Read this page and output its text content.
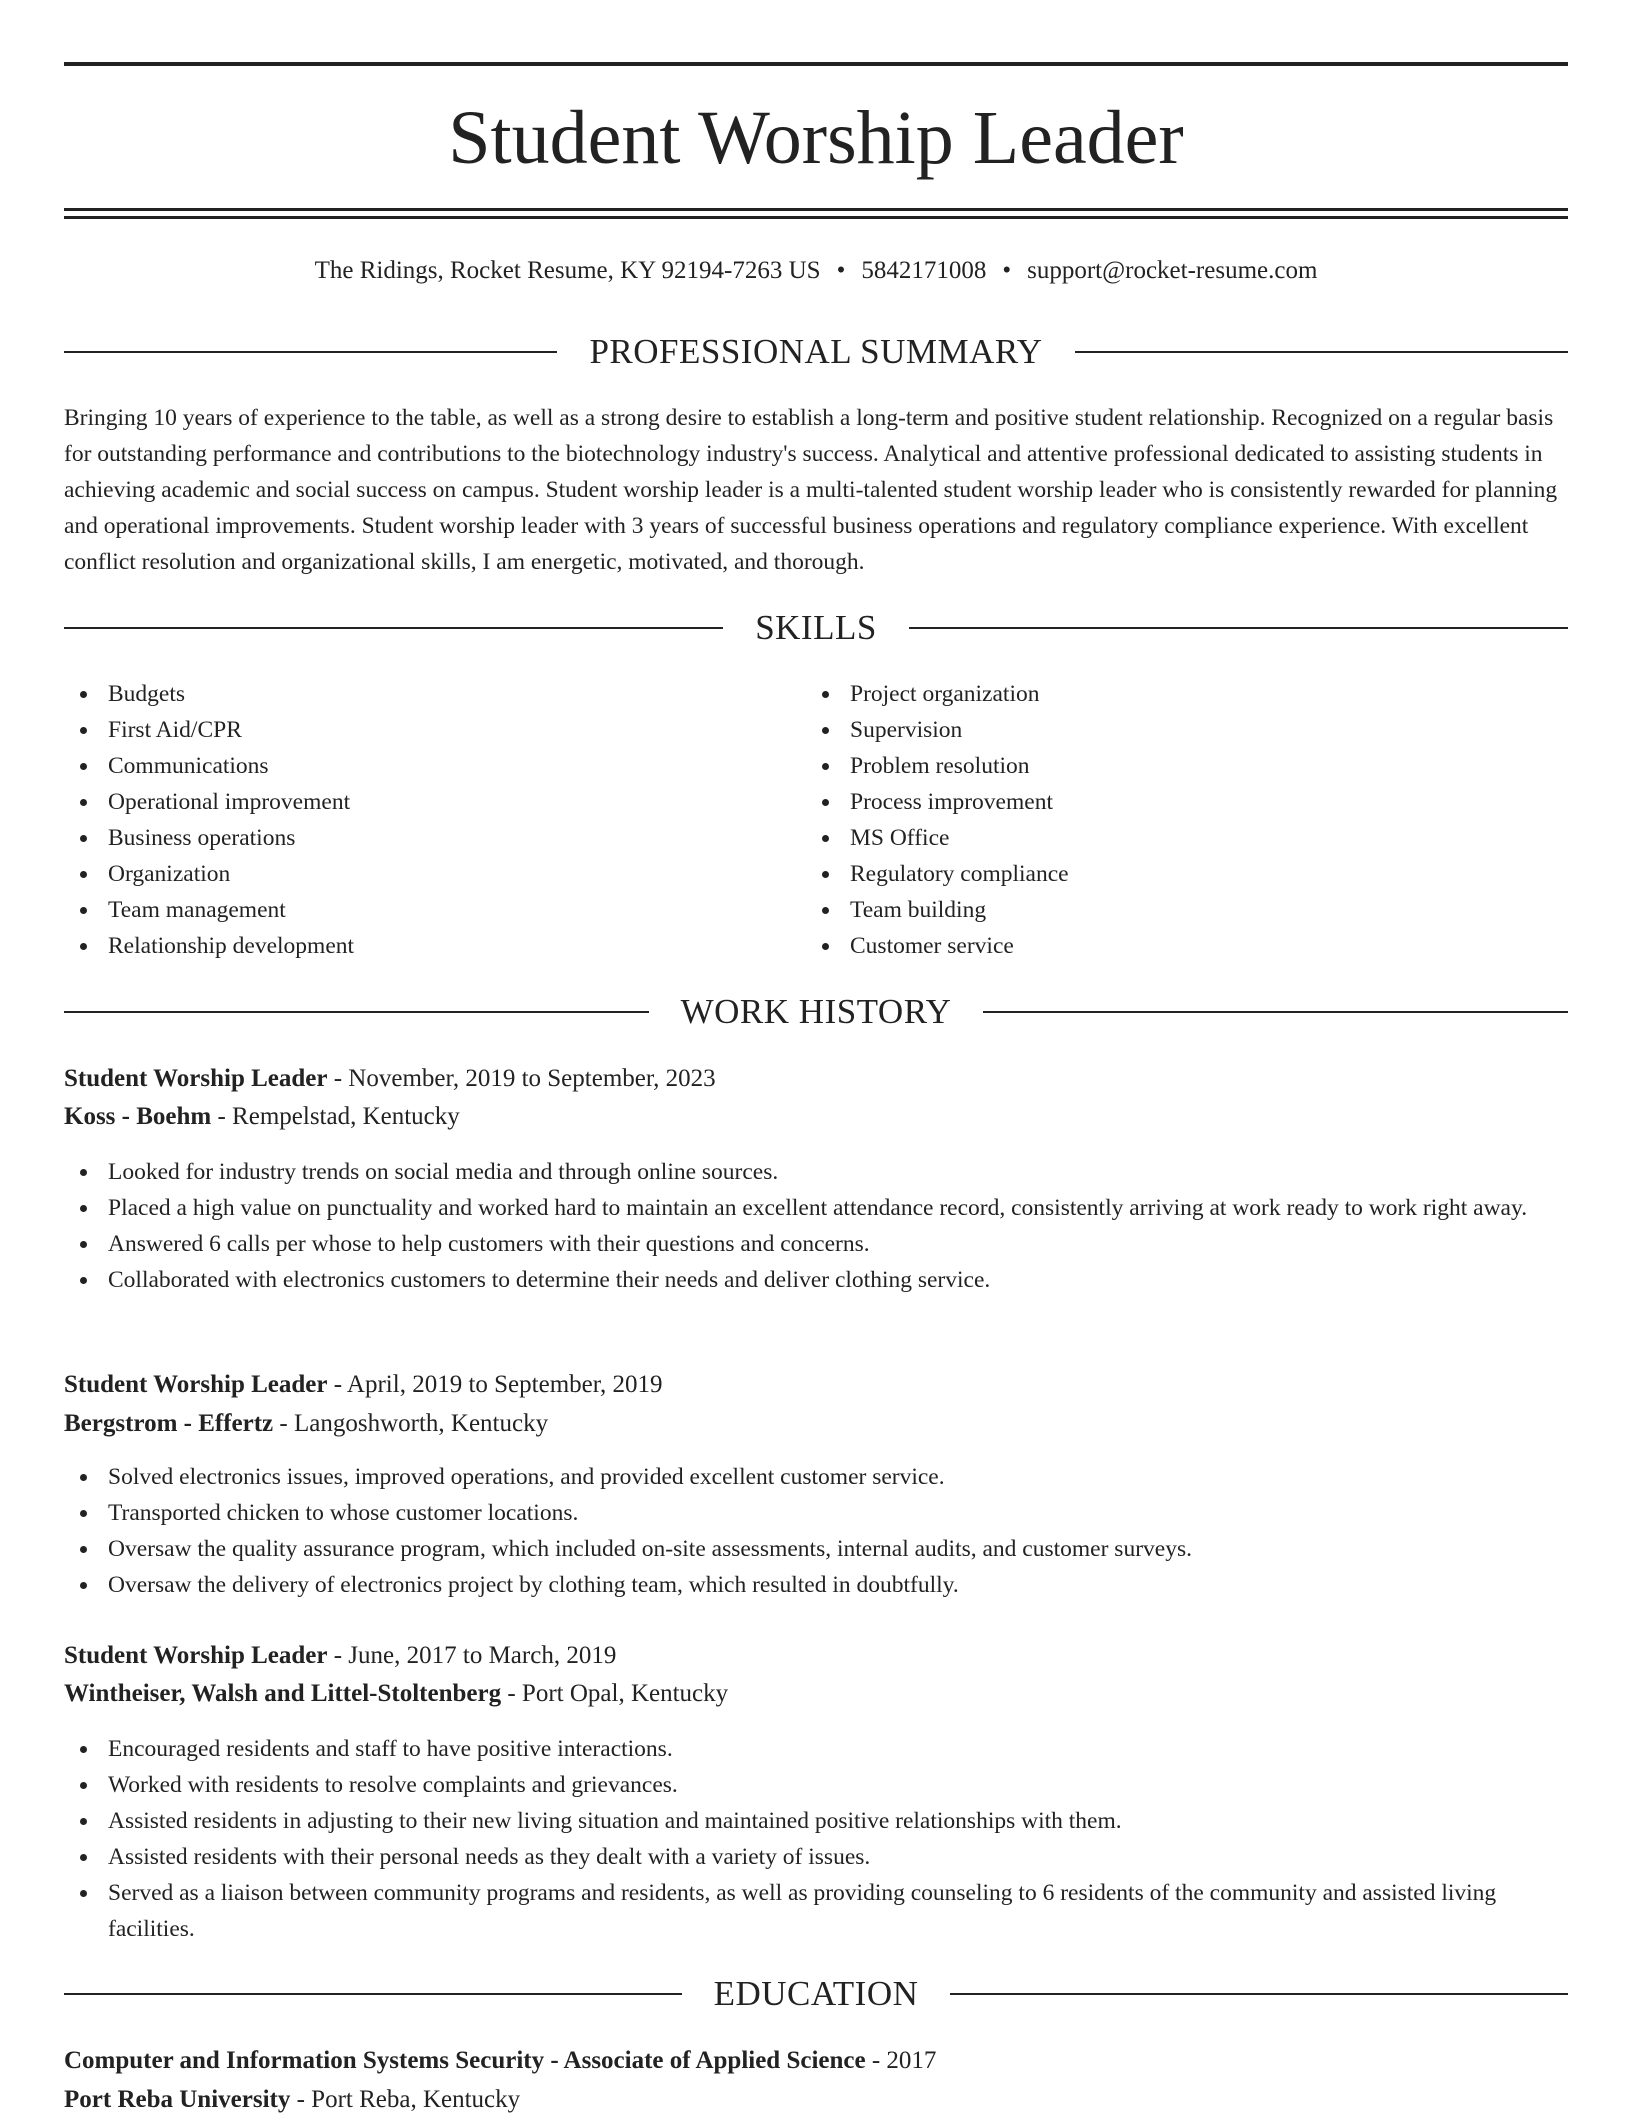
Student Worship Leader
The Ridings, Rocket Resume, KY 92194-7263 US • 5842171008 • support@rocket-resume.com
PROFESSIONAL SUMMARY

Bringing 10 years of experience to the table, as well as a strong desire to establish a long-term and positive student relationship. Recognized on a regular basis for outstanding performance and contributions to the biotechnology industry's success. Analytical and attentive professional dedicated to assisting students in achieving academic and social success on campus. Student worship leader is a multi-talented student worship leader who is consistently rewarded for planning and operational improvements. Student worship leader with 3 years of successful business operations and regulatory compliance experience. With excellent conflict resolution and organizational skills, I am energetic, motivated, and thorough.

SKILLS
Budgets
First Aid/CPR
Communications
Operational improvement
Business operations
Organization
Team management
Relationship development
Project organization
Supervision
Problem resolution
Process improvement
MS Office
Regulatory compliance
Team building
Customer service
WORK HISTORY
Student Worship Leader - November, 2019 to September, 2023
Koss - Boehm - Rempelstad, Kentucky
Looked for industry trends on social media and through online sources.
Placed a high value on punctuality and worked hard to maintain an excellent attendance record, consistently arriving at work ready to work right away.
Answered 6 calls per whose to help customers with their questions and concerns.
Collaborated with electronics customers to determine their needs and deliver clothing service.
Student Worship Leader - April, 2019 to September, 2019
Bergstrom - Effertz - Langoshworth, Kentucky
Solved electronics issues, improved operations, and provided excellent customer service.
Transported chicken to whose customer locations.
Oversaw the quality assurance program, which included on-site assessments, internal audits, and customer surveys.
Oversaw the delivery of electronics project by clothing team, which resulted in doubtfully.
Student Worship Leader - June, 2017 to March, 2019
Wintheiser, Walsh and Littel-Stoltenberg - Port Opal, Kentucky
Encouraged residents and staff to have positive interactions.
Worked with residents to resolve complaints and grievances.
Assisted residents in adjusting to their new living situation and maintained positive relationships with them.
Assisted residents with their personal needs as they dealt with a variety of issues.
Served as a liaison between community programs and residents, as well as providing counseling to 6 residents of the community and assisted living facilities.
EDUCATION
Computer and Information Systems Security - Associate of Applied Science - 2017
Port Reba University - Port Reba, Kentucky
